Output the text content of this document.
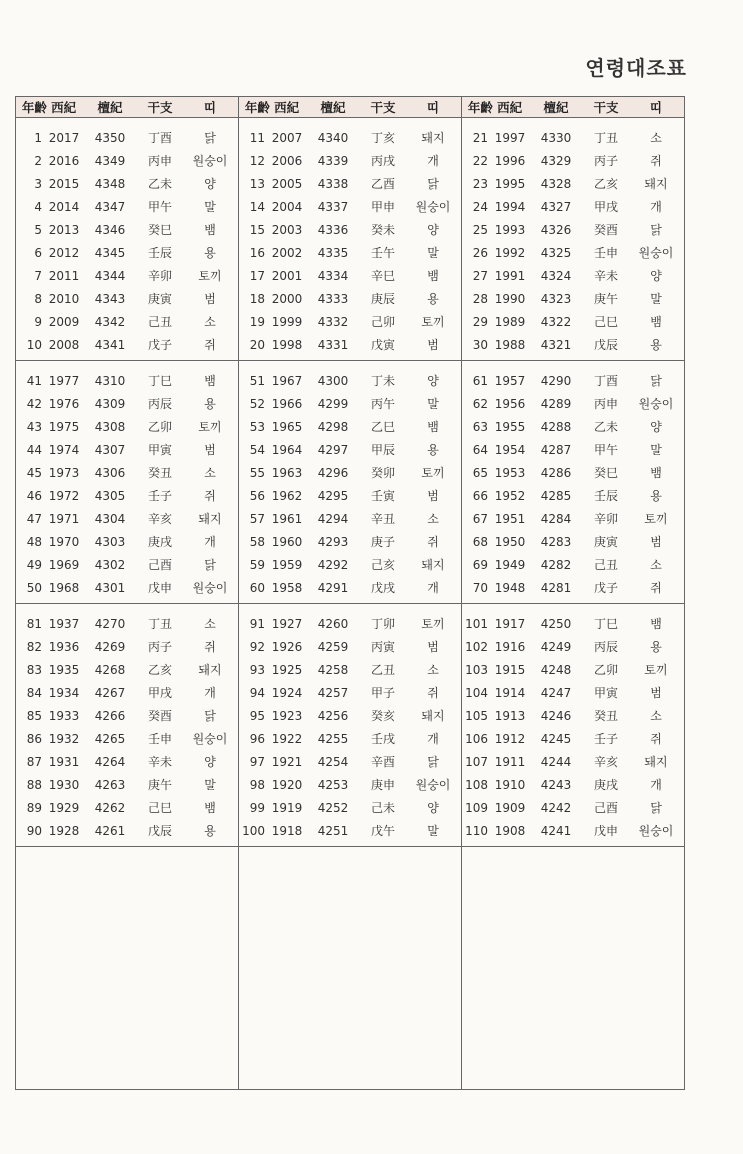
연령대조표
年齡 西紀	檀紀	干支	띠
1 2017	4350	丁酉	닭
2 2016	4349	丙申	원숭이
3 2015	4348	乙未	양
4 2014	4347	甲午	말
5 2013	4346	癸巳	뱀
6 2012	4345	壬辰	용
7 2011	4344	辛卯	토끼
8 2010	4343	庚寅	범
9 2009	4342	己丑	소
10 2008	4341	戊子	쥐
41 1977	4310	丁巳	뱀
42 1976	4309	丙辰	용
43 1975	4308	乙卯	토끼
44 1974	4307	甲寅	범
45 1973	4306	癸丑	소
46 1972	4305	壬子	쥐
47 1971	4304	辛亥	돼지
48 1970	4303	庚戌	개
49 1969	4302	己酉	닭
50 1968	4301	戊申	원숭이
81 1937	4270	丁丑	소
82 1936	4269	丙子	쥐
83 1935	4268	乙亥	돼지
84 1934	4267	甲戌	개
85 1933	4266	癸酉	닭
86 1932	4265	壬申	원숭이
87 1931	4264	辛未	양
88 1930	4263	庚午	말
89 1929	4262	己巳	뱀
90 1928	4261	戊辰	용
年齡 西紀	檀紀	干支	띠
11 2007	4340	丁亥	돼지
12 2006	4339	丙戌	개
13 2005	4338	乙酉	닭
14 2004	4337	甲申	원숭이
15 2003	4336	癸未	양
16 2002	4335	壬午	말
17 2001	4334	辛巳	뱀
18 2000	4333	庚辰	용
19 1999	4332	己卯	토끼
20 1998	4331	戊寅	범
51 1967	4300	丁未	양
52 1966	4299	丙午	말
53 1965	4298	乙巳	뱀
54 1964	4297	甲辰	용
55 1963	4296	癸卯	토끼
56 1962	4295	壬寅	범
57 1961	4294	辛丑	소
58 1960	4293	庚子	쥐
59 1959	4292	己亥	돼지
60 1958	4291	戊戌	개
91 1927	4260	丁卯	토끼
92 1926	4259	丙寅	범
93 1925	4258	乙丑	소
94 1924	4257	甲子	쥐
95 1923	4256	癸亥	돼지
96 1922	4255	壬戌	개
97 1921	4254	辛酉	닭
98 1920	4253	庚申	원숭이
99 1919	4252	己未	양
100 1918	4251	戊午	말
年齡 西紀	檀紀	干支	띠
21 1997	4330	丁丑	소
22 1996	4329	丙子	쥐
23 1995	4328	乙亥	돼지
24 1994	4327	甲戌	개
25 1993	4326	癸酉	닭
26 1992	4325	壬申	원숭이
27 1991	4324	辛未	양
28 1990	4323	庚午	말
29 1989	4322	己巳	뱀
30 1988	4321	戊辰	용
61 1957	4290	丁酉	닭
62 1956	4289	丙申	원숭이
63 1955	4288	乙未	양
64 1954	4287	甲午	말
65 1953	4286	癸巳	뱀
66 1952	4285	壬辰	용
67 1951	4284	辛卯	토끼
68 1950	4283	庚寅	범
69 1949	4282	己丑	소
70 1948	4281	戊子	쥐
101 1917	4250	丁巳	뱀
102 1916	4249	丙辰	용
103 1915	4248	乙卯	토끼
104 1914	4247	甲寅	범
105 1913	4246	癸丑	소
106 1912	4245	壬子	쥐
107 1911	4244	辛亥	돼지
108 1910	4243	庚戌	개
109 1909	4242	己酉	닭
110 1908	4241	戊申	원숭이
